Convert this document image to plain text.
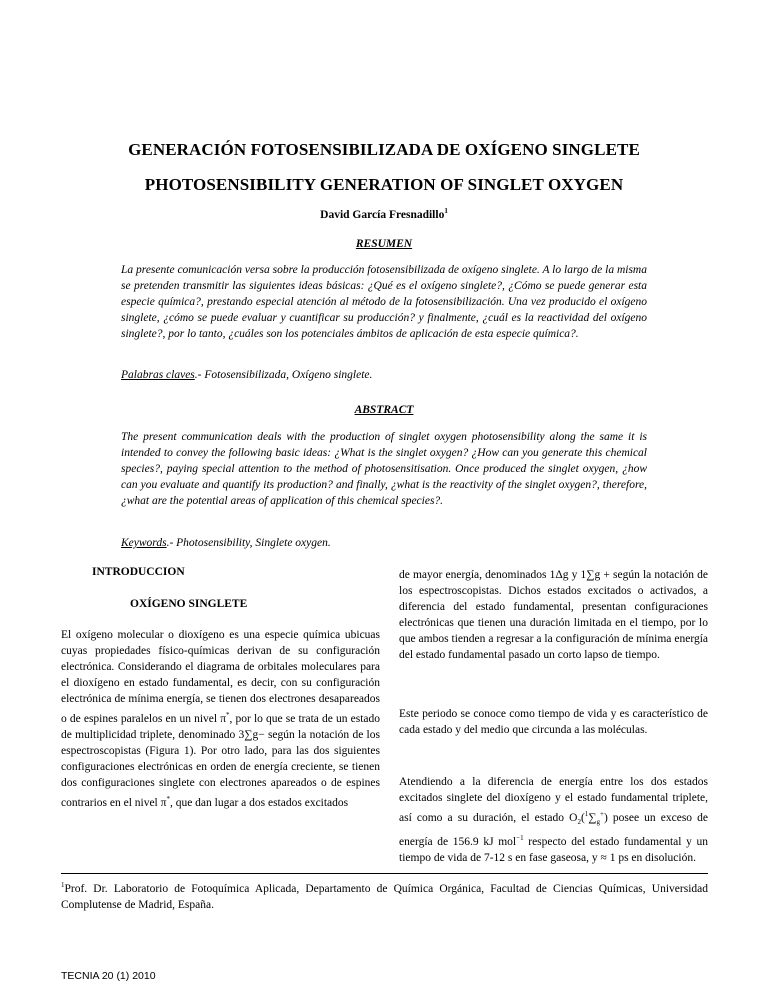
GENERACIÓN FOTOSENSIBILIZADA DE OXÍGENO SINGLETE
PHOTOSENSIBILITY GENERATION OF SINGLET OXYGEN
David García Fresnadillo$^1$
RESUMEN
La presente comunicación versa sobre la producción fotosensibilizada de oxígeno singlete. A lo largo de la misma se pretenden transmitir las siguientes ideas básicas: ¿Qué es el oxígeno singlete?, ¿Cómo se puede generar esta especie química?, prestando especial atención al método de la fotosensibilización. Una vez producido el oxígeno singlete, ¿cómo se puede evaluar y cuantificar su producción? y finalmente, ¿cuál es la reactividad del oxígeno singlete?, por lo tanto, ¿cuáles son los potenciales ámbitos de aplicación de esta especie química?.
Palabras claves.- Fotosensibilizada, Oxígeno singlete.
ABSTRACT
The present communication deals with the production of singlet oxygen photosensibility along the same it is intended to convey the following basic ideas: ¿What is the singlet oxygen? ¿How can you generate this chemical species?, paying special attention to the method of photosensitisation. Once produced the singlet oxygen, ¿how can you evaluate and quantify its production? and finally, ¿what is the reactivity of the singlet oxygen?, therefore, ¿what are the potential areas of application of this chemical species?.
Keywords.- Photosensibility, Singlete oxygen.
INTRODUCCION
OXÍGENO SINGLETE
El oxígeno molecular o dioxígeno es una especie química ubicuas cuyas propiedades físico-químicas derivan de su configuración electrónica. Considerando el diagrama de orbitales moleculares para el dioxígeno en estado fundamental, es decir, con su configuración electrónica de mínima energía, se tienen dos electrones desapareados o de espines paralelos en un nivel π*, por lo que se trata de un estado de multiplicidad triplete, denominado 3∑g− según la notación de los espectroscopistas (Figura 1). Por otro lado, para las dos siguientes configuraciones electrónicas en orden de energía creciente, se tienen dos configuraciones singlete con electrones apareados o de espines contrarios en el nivel π*, que dan lugar a dos estados excitados
de mayor energía, denominados 1Δg y 1∑g + según la notación de los espectroscopistas. Dichos estados excitados o activados, a diferencia del estado fundamental, presentan configuraciones electrónicas que tienen una duración limitada en el tiempo, por lo que ambos tienden a regresar a la configuración de mínima energía del estado fundamental pasado un corto lapso de tiempo.
Este periodo se conoce como tiempo de vida y es característico de cada estado y del medio que circunda a las moléculas.
Atendiendo a la diferencia de energía entre los dos estados excitados singlete del dioxígeno y el estado fundamental triplete, así como a su duración, el estado $O_2(^1\sum_g^+)$ posee un exceso de energía de 156.9 kJ mol$^{-1}$ respecto del estado fundamental y un tiempo de vida de 7-12 s en fase gaseosa, y ≈ 1 ps en disolución.
$^1$Prof. Dr. Laboratorio de Fotoquímica Aplicada, Departamento de Química Orgánica, Facultad de Ciencias Químicas, Universidad Complutense de Madrid, España.
TECNIA 20 (1) 2010
